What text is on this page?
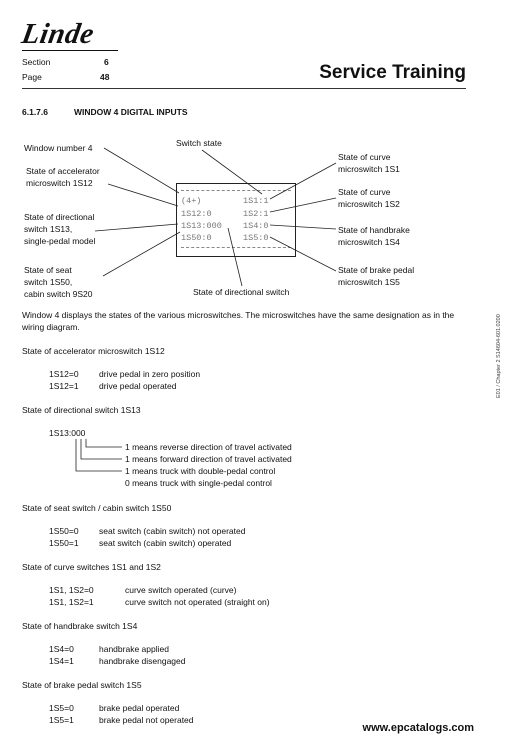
Linde
Section	6
Page	48	Service Training
6.1.7.6	WINDOW 4 DIGITAL INPUTS
Window number 4	Switch state
State of accelerator
microswitch 1S12
State of directional
switch 1S13,
single-pedal model
State of seat
switch 1S50,
cabin switch 9S20	State of directional switch
State of curve
microswitch 1S1
State of curve
microswitch 1S2
State of handbrake
microswitch 1S4
State of brake pedal
microswitch 1S5
(4+)	1S1:1
1S12:0	1S2:1
1S13:000 1S4:0
1S50:0	1S5:0
Window 4 displays the states of the various microswitches. The microswitches have the same designation as in the wiring diagram.
State of accelerator microswitch 1S12
1S12=0 drive pedal in zero position
1S12=1 drive pedal operated
State of directional switch 1S13
1S13:000
1 means reverse direction of travel activated
1 means forward direction of travel activated
1 means truck with double-pedal control
0 means truck with single-pedal control
State of seat switch / cabin switch 1S50
1S50=0 seat switch (cabin switch) not operated
1S50=1 seat switch (cabin switch) operated
State of curve switches 1S1 and 1S2
1S1, 1S2=0	curve switch operated (curve)
1S1, 1S2=1	curve switch not operated (straight on)
State of handbrake switch 1S4
1S4=0	handbrake applied
1S4=1	handbrake disengaged
State of brake pedal switch 1S5
1S5=0	brake pedal operated
1S5=1	brake pedal not operated
E01 / Chapter 2 S14604-601.0200
www.epcatalogs.com
